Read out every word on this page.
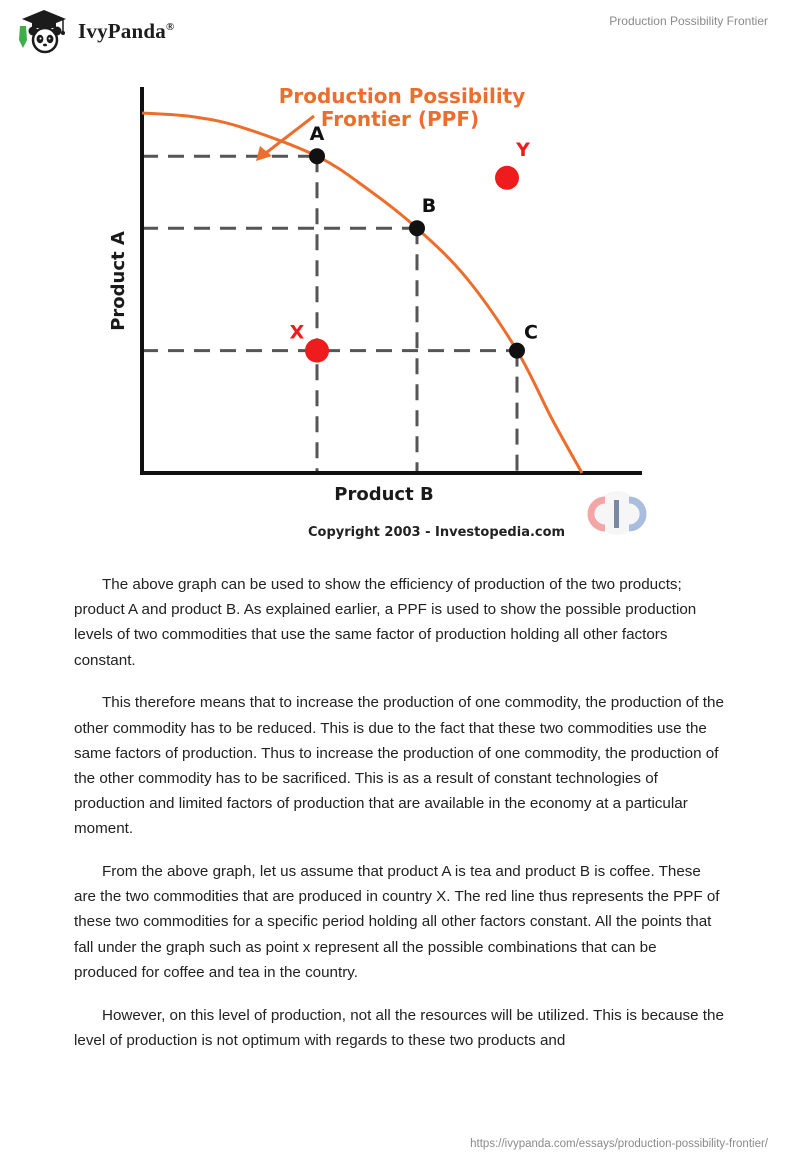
IvyPanda®	Production Possibility Frontier
Production Possibility
Frontier (PPF)
A
B
C
X
Y
Product B
Product A
Copyright 2003 - Investopedia.com

The above graph can be used to show the efficiency of production of the two products; product A and product B. As explained earlier, a PPF is used to show the possible production levels of two commodities that use the same factor of production holding all other factors constant.

This therefore means that to increase the production of one commodity, the production of the other commodity has to be reduced. This is due to the fact that these two commodities use the same factors of production. Thus to increase the production of one commodity, the production of the other commodity has to be sacrificed. This is as a result of constant technologies of production and limited factors of production that are available in the economy at a particular moment.

From the above graph, let us assume that product A is tea and product B is coffee. These are the two commodities that are produced in country X. The red line thus represents the PPF of these two commodities for a specific period holding all other factors constant. All the points that fall under the graph such as point x represent all the possible combinations that can be produced for coffee and tea in the country.

However, on this level of production, not all the resources will be utilized. This is because the level of production is not optimum with regards to these two products and

https://ivypanda.com/essays/production-possibility-frontier/
